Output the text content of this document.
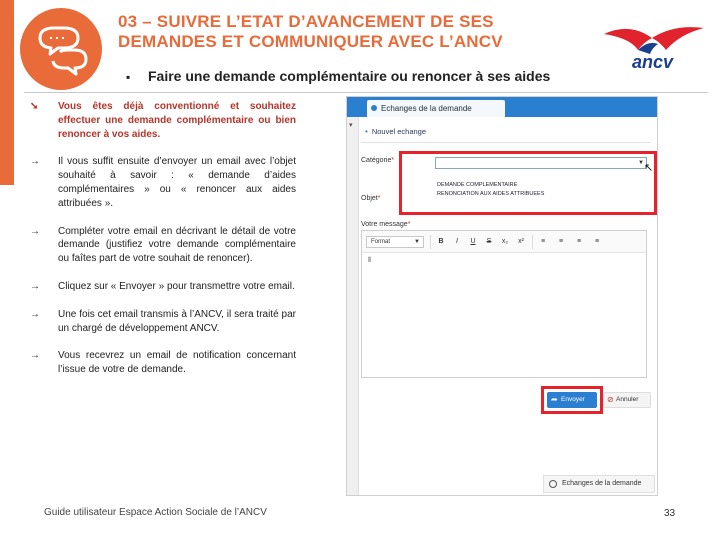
03 – SUIVRE L’ETAT D’AVANCEMENT DE SES DEMANDES ET COMMUNIQUER AVEC L’ANCV
▪ Faire une demande complémentaire ou renoncer à ses aides
ancv
➘ Vous êtes déjà conventionné et souhaitez effectuer une demande complémentaire ou bien renoncer à vos aides.
→ Il vous suffit ensuite d’envoyer un email avec l’objet souhaité à savoir : « demande d’aides complémentaires » ou « renoncer aux aides attribuées ».
→ Compléter votre email en décrivant le détail de votre demande (justifiez votre demande complémentaire ou faîtes part de votre souhait de renoncer).
→ Cliquez sur « Envoyer » pour transmettre votre email.
→ Une fois cet email transmis à l’ANCV, il sera traité par un chargé de développement ANCV.
→ Vous recevrez un email de notification concernant l’issue de votre de demande.
Echanges de la demande
▾
• Nouvel echange
Catégorie*	▼ ↖
DEMANDE COMPLEMENTAIRE
RENONCIATION AUX AIDES ATTRIBUEES
Objet*
Votre message*
Format	▼	B	I	U	S	x₂	x²	≡	≡	≡	≡
⦀
➦ Envoyer	⊘ Annuler
Echanges de la demande
Guide utilisateur Espace Action Sociale de l’ANCV	33
